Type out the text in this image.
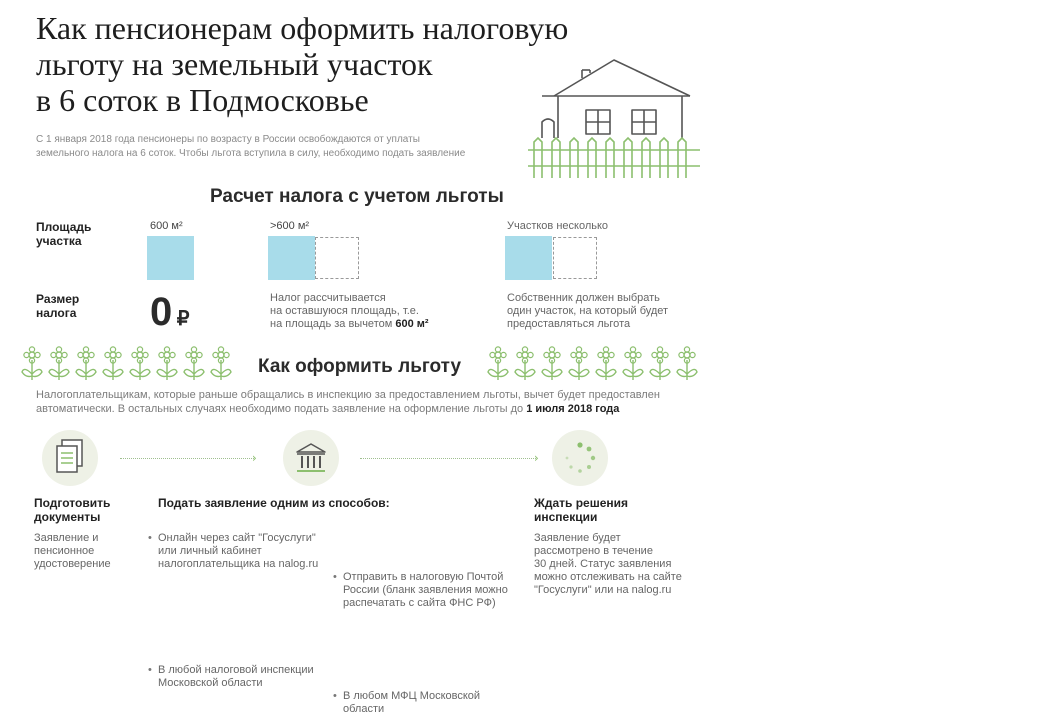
Как пенсионерам оформить налоговую
льготу на земельный участок
в 6 соток в Подмосковье
С 1 января 2018 года пенсионеры по возрасту в России освобождаются от уплаты
земельного налога на 6 соток. Чтобы льгота вступила в силу, необходимо подать заявление
Расчет налога с учетом льготы
Площадь
участка
Размер
налога
600 м²
0 ₽
>600 м²
Налог рассчитывается
на оставшуюся площадь, т.е.
на площадь за вычетом 600 м²
Участков несколько
Собственник должен выбрать
один участок, на который будет
предоставляться льгота
Как оформить льготу
Налогоплательщикам, которые раньше обращались в инспекцию за предоставлением льготы, вычет будет предоставлен
автоматически. В остальных случаях необходимо подать заявление на оформление льготы до 1 июля 2018 года
›	›
Подготовить
документы
Заявление и
пенсионное
удостоверение
Подать заявление одним из способов:
• Онлайн через сайт "Госуслуги"
или личный кабинет
налогоплательщика на nalog.ru
• Отправить в налоговую Почтой
России (бланк заявления можно
распечатать с сайта ФНС РФ)
• В любой налоговой инспекции
Московской области
• В любом МФЦ Московской
области
Ждать решения
инспекции
Заявление будет
рассмотрено в течение
30 дней. Статус заявления
можно отслеживать на сайте
"Госуслуги" или на nalog.ru
